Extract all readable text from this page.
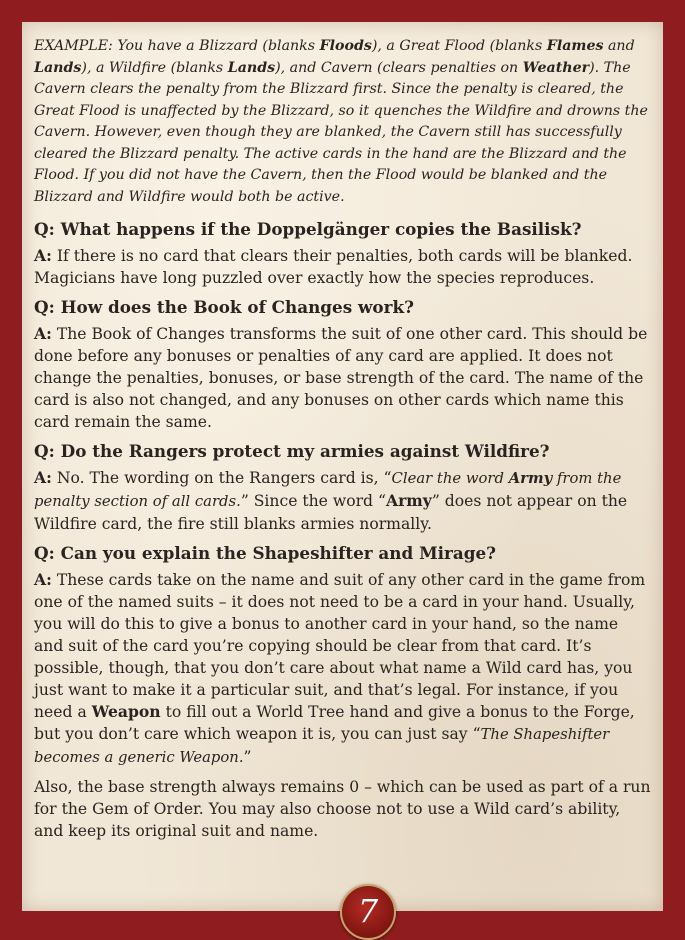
EXAMPLE: You have a Blizzard (blanks Floods), a Great Flood (blanks Flames and Lands), a Wildfire (blanks Lands), and Cavern (clears penalties on Weather). The Cavern clears the penalty from the Blizzard first. Since the penalty is cleared, the Great Flood is unaffected by the Blizzard, so it quenches the Wildfire and drowns the Cavern. However, even though they are blanked, the Cavern still has successfully cleared the Blizzard penalty. The active cards in the hand are the Blizzard and the Flood. If you did not have the Cavern, then the Flood would be blanked and the Blizzard and Wildfire would both be active.

Q: What happens if the Doppelgänger copies the Basilisk?

A: If there is no card that clears their penalties, both cards will be blanked. Magicians have long puzzled over exactly how the species reproduces.

Q: How does the Book of Changes work?

A: The Book of Changes transforms the suit of one other card. This should be done before any bonuses or penalties of any card are applied. It does not change the penalties, bonuses, or base strength of the card. The name of the card is also not changed, and any bonuses on other cards which name this card remain the same.

Q: Do the Rangers protect my armies against Wildfire?

A: No. The wording on the Rangers card is, “Clear the word Army from the penalty section of all cards.” Since the word “Army” does not appear on the Wildfire card, the fire still blanks armies normally.

Q: Can you explain the Shapeshifter and Mirage?

A: These cards take on the name and suit of any other card in the game from one of the named suits – it does not need to be a card in your hand. Usually, you will do this to give a bonus to another card in your hand, so the name and suit of the card you’re copying should be clear from that card. It’s possible, though, that you don’t care about what name a Wild card has, you just want to make it a particular suit, and that’s legal. For instance, if you need a Weapon to fill out a World Tree hand and give a bonus to the Forge, but you don’t care which weapon it is, you can just say “The Shapeshifter becomes a generic Weapon.”

Also, the base strength always remains 0 – which can be used as part of a run for the Gem of Order. You may also choose not to use a Wild card’s ability, and keep its original suit and name.

7
